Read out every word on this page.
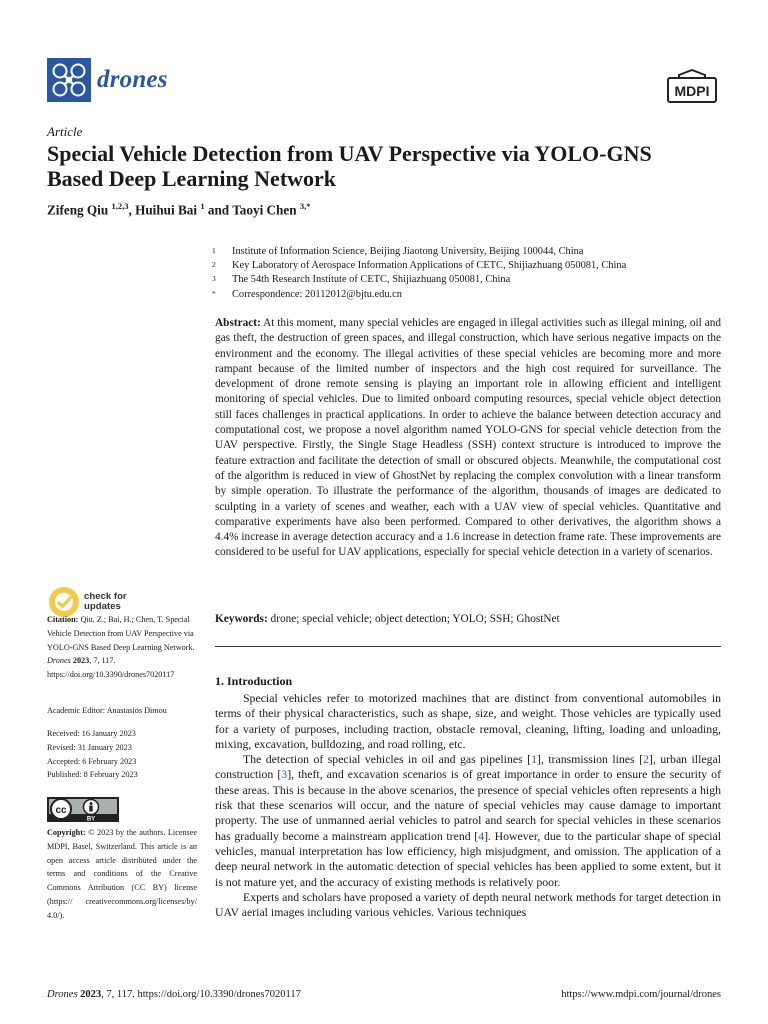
drones	MDPI
Article
Special Vehicle Detection from UAV Perspective via YOLO-GNS Based Deep Learning Network
Zifeng Qiu $^{1,2,3}$, Huihui Bai $^1$ and Taoyi Chen $^{3,*}$
1	Institute of Information Science, Beijing Jiaotong University, Beijing 100044, China
2	Key Laboratory of Aerospace Information Applications of CETC, Shijiazhuang 050081, China
3	The 54th Research Institute of CETC, Shijiazhuang 050081, China
*	Correspondence: 20112012@bjtu.edu.cn
Abstract: At this moment, many special vehicles are engaged in illegal activities such as illegal mining, oil and gas theft, the destruction of green spaces, and illegal construction, which have serious negative impacts on the environment and the economy. The illegal activities of these special vehicles are becoming more and more rampant because of the limited number of inspectors and the high cost required for surveillance. The development of drone remote sensing is playing an important role in allowing efficient and intelligent monitoring of special vehicles. Due to limited onboard computing resources, special vehicle object detection still faces challenges in practical applications. In order to achieve the balance between detection accuracy and computational cost, we propose a novel algorithm named YOLO-GNS for special vehicle detection from the UAV perspective. Firstly, the Single Stage Headless (SSH) context structure is introduced to improve the feature extraction and facilitate the detection of small or obscured objects. Meanwhile, the computational cost of the algorithm is reduced in view of GhostNet by replacing the complex convolution with a linear transform by simple operation. To illustrate the performance of the algorithm, thousands of images are dedicated to sculpting in a variety of scenes and weather, each with a UAV view of special vehicles. Quantitative and comparative experiments have also been performed. Compared to other derivatives, the algorithm shows a 4.4% increase in average detection accuracy and a 1.6 increase in detection frame rate. These improvements are considered to be useful for UAV applications, especially for special vehicle detection in a variety of scenarios.
Keywords: drone; special vehicle; object detection; YOLO; SSH; GhostNet
1. Introduction

Special vehicles refer to motorized machines that are distinct from conventional automobiles in terms of their physical characteristics, such as shape, size, and weight. Those vehicles are typically used for a variety of purposes, including traction, obstacle removal, cleaning, lifting, loading and unloading, mixing, excavation, bulldozing, and road rolling, etc.

The detection of special vehicles in oil and gas pipelines [1], transmission lines [2], urban illegal construction [3], theft, and excavation scenarios is of great importance in order to ensure the security of these areas. This is because in the above scenarios, the presence of special vehicles often represents a high risk that these scenarios will occur, and the nature of special vehicles may cause damage to important property. The use of unmanned aerial vehicles to patrol and search for special vehicles in these scenarios has gradually become a mainstream application trend [4]. However, due to the particular shape of special vehicles, manual interpretation has low efficiency, high misjudgment, and omission. The application of a deep neural network in the automatic detection of special vehicles has been applied to some extent, but it is not mature yet, and the accuracy of existing methods is relatively poor.

Experts and scholars have proposed a variety of depth neural network methods for target detection in UAV aerial images including various vehicles. Various techniques

check for
updates
Citation: Qiu, Z.; Bai, H.; Chen, T. Special Vehicle Detection from UAV Perspective via YOLO-GNS Based Deep Learning Network. Drones 2023, 7, 117. https://doi.org/10.3390/drones7020117
Academic Editor: Anastasios Dimou
Received: 16 January 2023
Revised: 31 January 2023
Accepted: 6 February 2023
Published: 8 February 2023
cc
BY
Copyright: © 2023 by the authors. Licensee MDPI, Basel, Switzerland. This article is an open access article distributed under the terms and conditions of the Creative Commons Attribution (CC BY) license (https:// creativecommons.org/licenses/by/ 4.0/).
Drones 2023, 7, 117. https://doi.org/10.3390/drones7020117	https://www.mdpi.com/journal/drones
